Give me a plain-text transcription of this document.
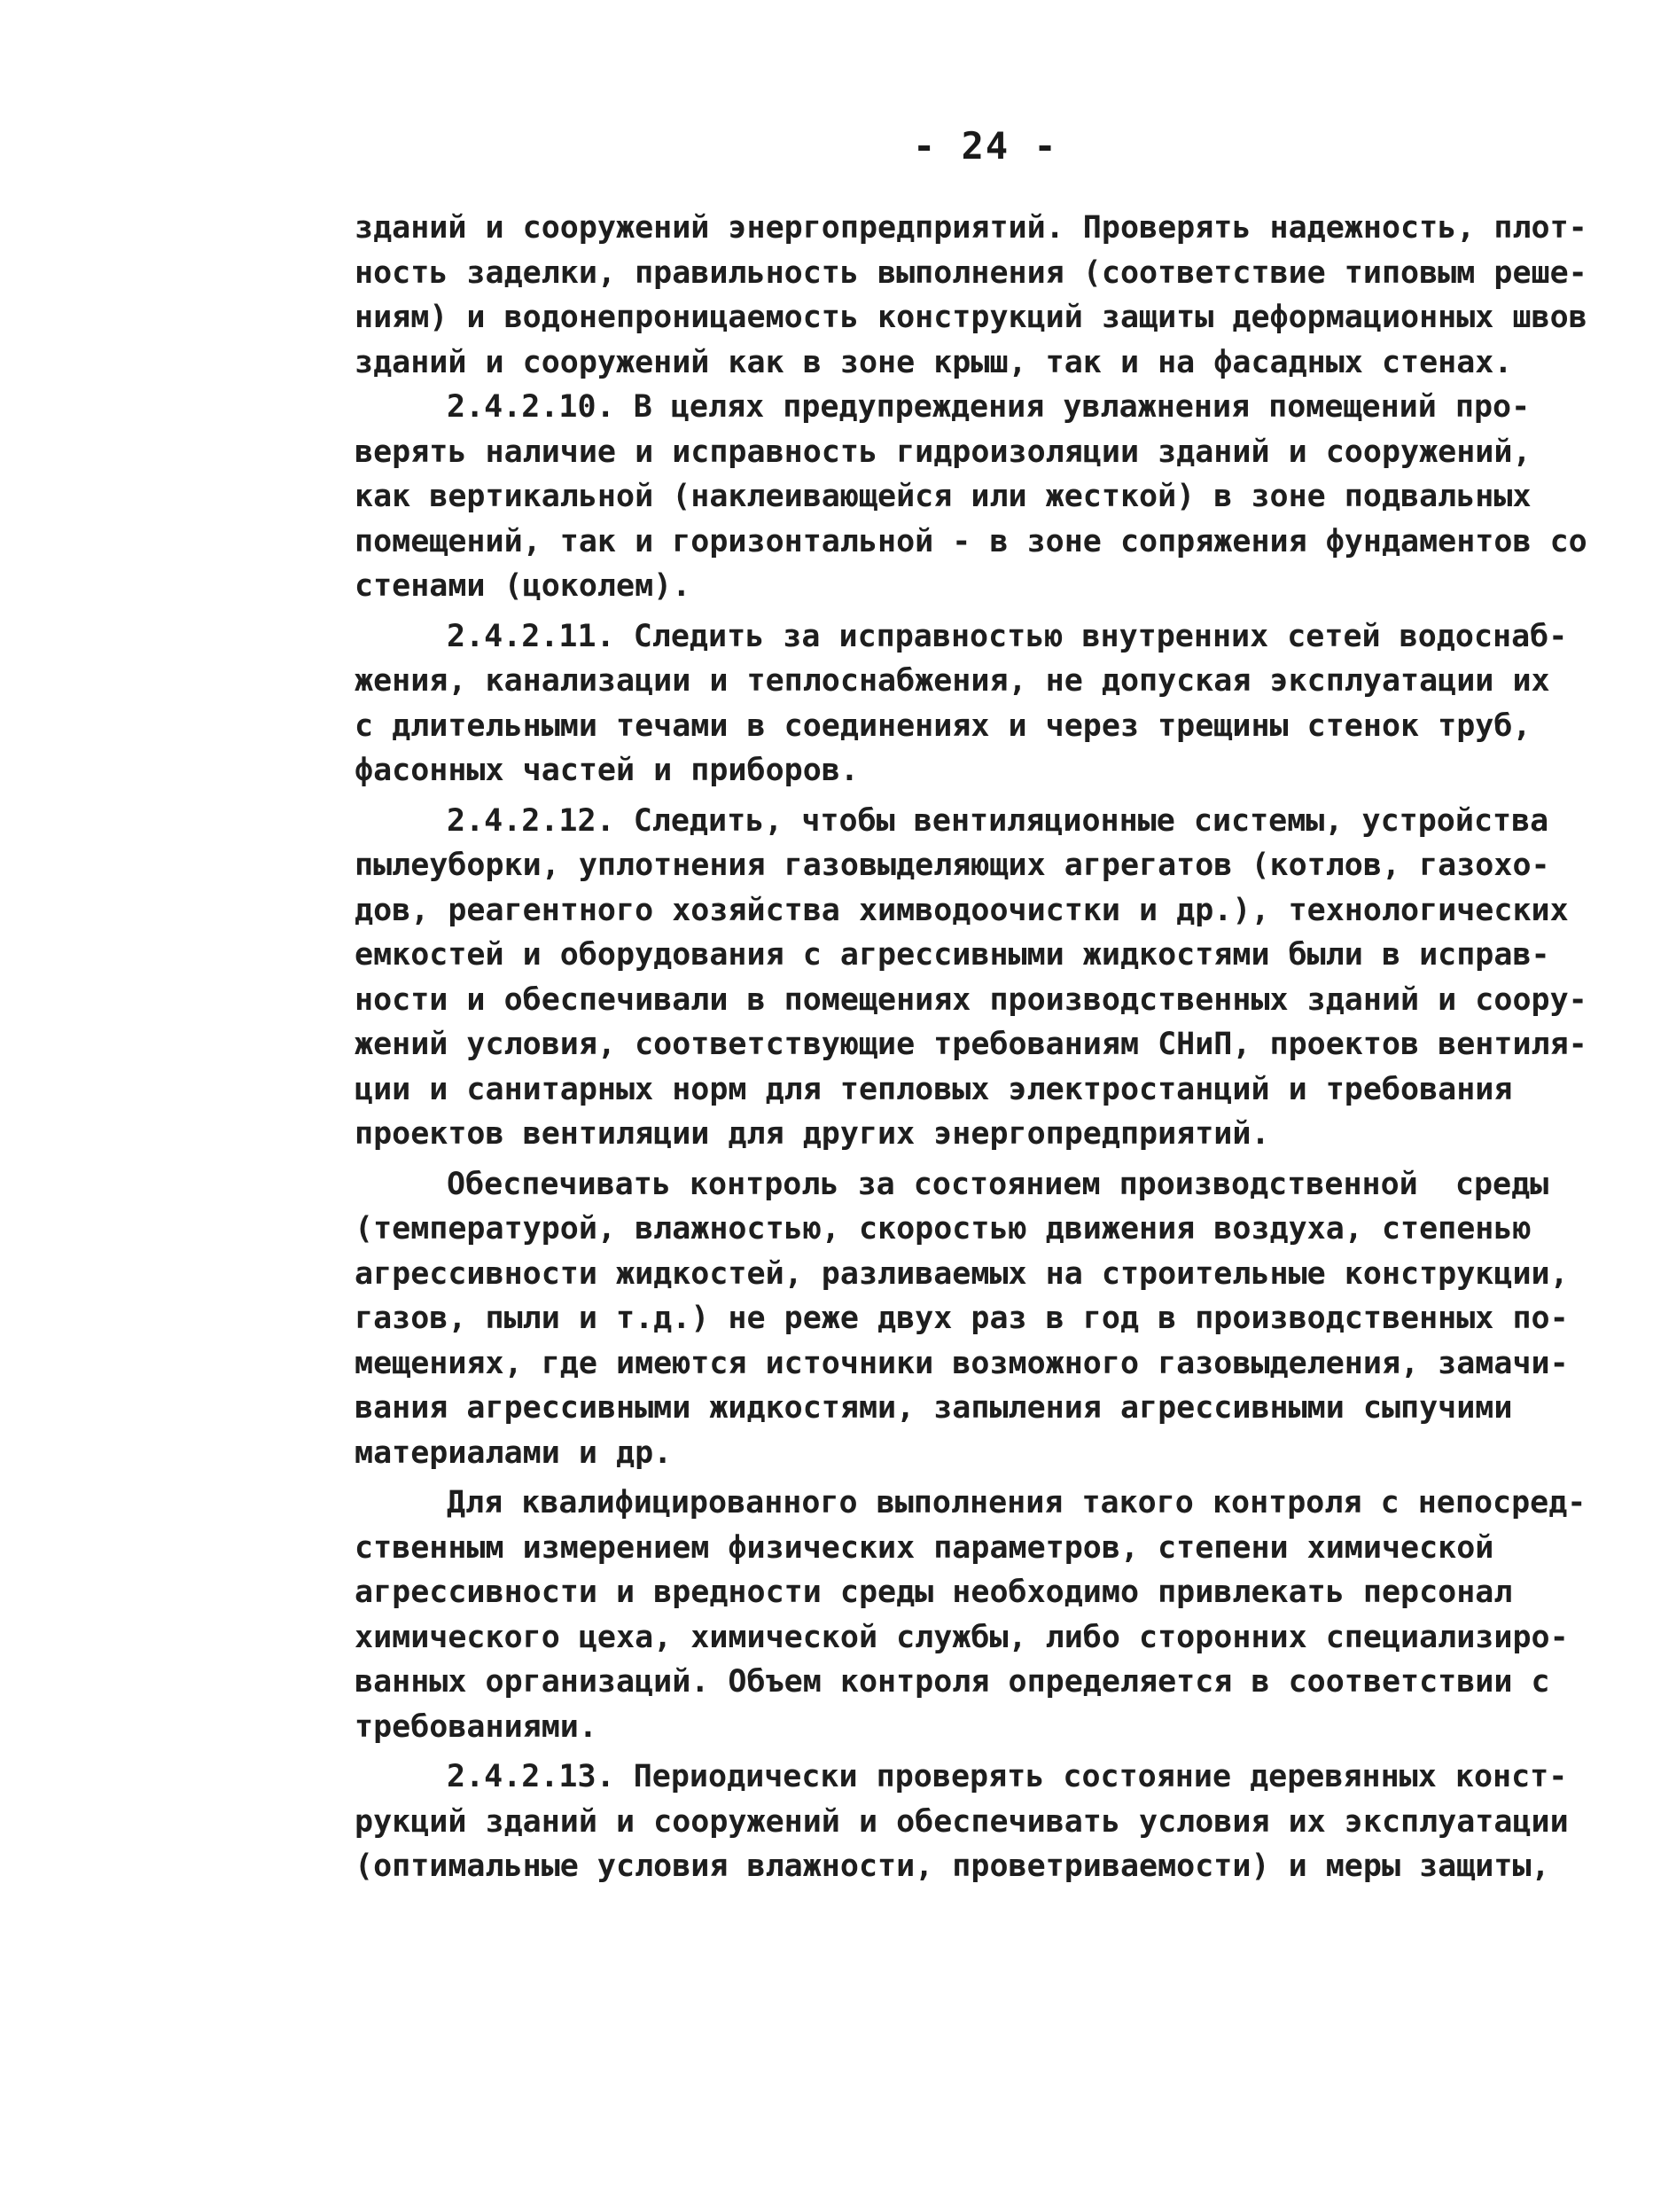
- 24 -
зданий и сооружений энергопредприятий. Проверять надежность, плот-
ность заделки, правильность выполнения (соответствие типовым реше-
ниям) и водонепроницаемость конструкций защиты деформационных швов
зданий и сооружений как в зоне крыш, так и на фасадных стенах.
2.4.2.10. В целях предупреждения увлажнения помещений про-
верять наличие и исправность гидроизоляции зданий и сооружений,
как вертикальной (наклеивающейся или жесткой) в зоне подвальных
помещений, так и горизонтальной - в зоне сопряжения фундаментов со
стенами (цоколем).
2.4.2.11. Следить за исправностью внутренних сетей водоснаб-
жения, канализации и теплоснабжения, не допуская эксплуатации их
с длительными течами в соединениях и через трещины стенок труб,
фасонных частей и приборов.
2.4.2.12. Следить, чтобы вентиляционные системы, устройства
пылеуборки, уплотнения газовыделяющих агрегатов (котлов, газохо-
дов, реагентного хозяйства химводоочистки и др.), технологических
емкостей и оборудования с агрессивными жидкостями были в исправ-
ности и обеспечивали в помещениях производственных зданий и соору-
жений условия, соответствующие требованиям СНиП, проектов вентиля-
ции и санитарных норм для тепловых электростанций и требования
проектов вентиляции для других энергопредприятий.
Обеспечивать контроль за состоянием производственной  среды
(температурой, влажностью, скоростью движения воздуха, степенью
агрессивности жидкостей, разливаемых на строительные конструкции,
газов, пыли и т.д.) не реже двух раз в год в производственных по-
мещениях, где имеются источники возможного газовыделения, замачи-
вания агрессивными жидкостями, запыления агрессивными сыпучими
материалами и др.
Для квалифицированного выполнения такого контроля с непосред-
ственным измерением физических параметров, степени химической
агрессивности и вредности среды необходимо привлекать персонал
химического цеха, химической службы, либо сторонних специализиро-
ванных организаций. Объем контроля определяется в соответствии с
требованиями.
2.4.2.13. Периодически проверять состояние деревянных конст-
рукций зданий и сооружений и обеспечивать условия их эксплуатации
(оптимальные условия влажности, проветриваемости) и меры защиты,
